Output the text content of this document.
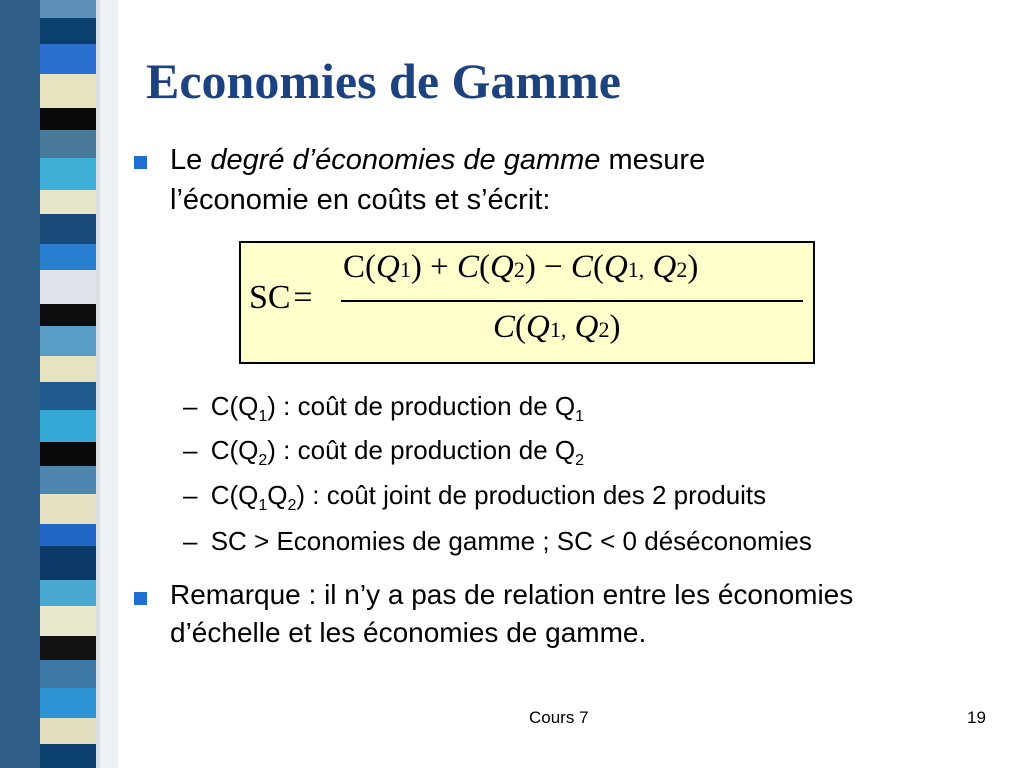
Economies de Gamme
Le degré d’économies de gamme mesure
l’économie en coûts et s’écrit:
SC =
C(Q1) + C(Q2) − C(Q1, Q2)
C(Q1, Q2)
– $C(Q_1)$ : coût de production de $Q_1$
– $C(Q_2)$ : coût de production de $Q_2$
– $C(Q_1Q_2)$ : coût joint de production des 2 produits
– SC > Economies de gamme ; SC < 0 déséconomies
Remarque : il n’y a pas de relation entre les économies
d’échelle et les économies de gamme.
Cours 7	19
